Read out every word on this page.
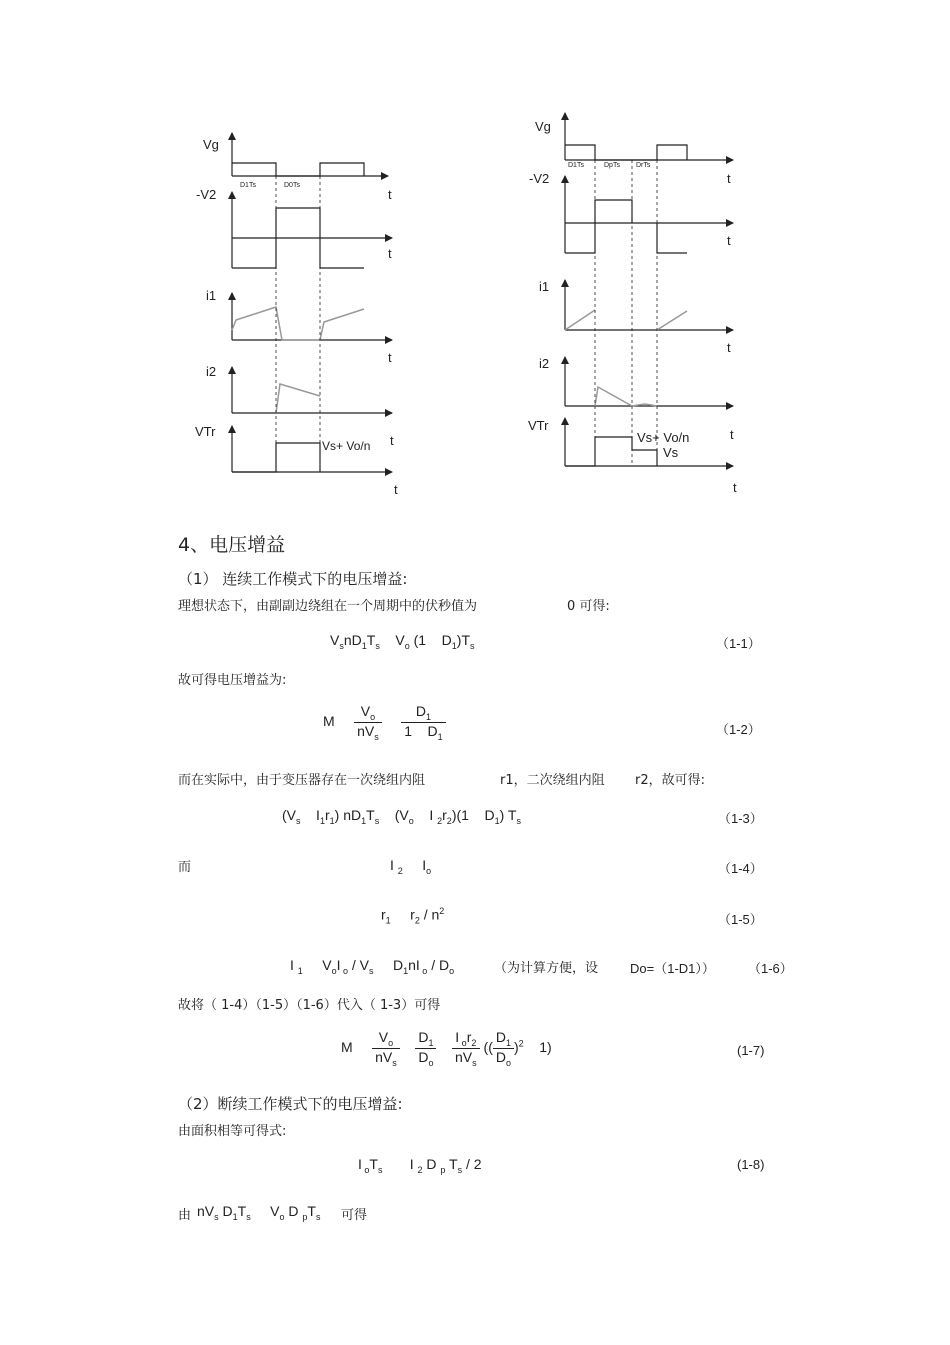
Vg
-V2
i1
i2
VTr
D1Ts	D0Ts
t
t
t
t
t
Vs+ Vo/n
Vg
-V2
i1
i2
VTr
D1Ts	DpTs DrTs
t
t
t
t
t
Vs+ Vo/n
Vs
4、电压增益
（1） 连续工作模式下的电压增益:
理想状态下，由副副边绕组在一个周期中的伏秒值为	0 可得:
$V_snD_1T_s$    $V_o$ (1    $D_1)T_s$	（1-1）
故可得电压增益为:
M $\frac{V_o}{nV_s}$
$\frac{D_1}{1 D_1}$	（1-2）
而在实际中，由于变压器存在一次绕组内阻	r1，二次绕组内阻 r2，故可得:
($V_s$    $I_1r_1$) $nD_1T_s$    ($V_o$    I $_2r_2)(1$    $D_1$) $T_s$	（1-3）
而	I $_2$     $I_o$	（1-4）
$r_1$     $r_2 / n^2$
（1-5）
I $_1$     $V_oI$ $_o / V_s$     $D_1nI$ $_o / D_o$	（为计算方便，设 Do=（1-D1））	（1-6）
故将（ 1-4）（1-5）（1-6）代入（ 1-3）可得
M $\frac{V_o}{nV_s}$
$\frac{D_1}{D_o}$
$\frac{I _or_2}{nV_s}$ (( $\frac{D_1}{D_o} )^2$    1)	(1-7)
（2）断续工作模式下的电压增益:
由面积相等可得式:
I $_oT_s$       I $_2$ D $_p$ $T_s / 2$	(1-8)
由 $nV_s$ $D_1T_s$     $V_o$ D $_pT_s$ 可得
